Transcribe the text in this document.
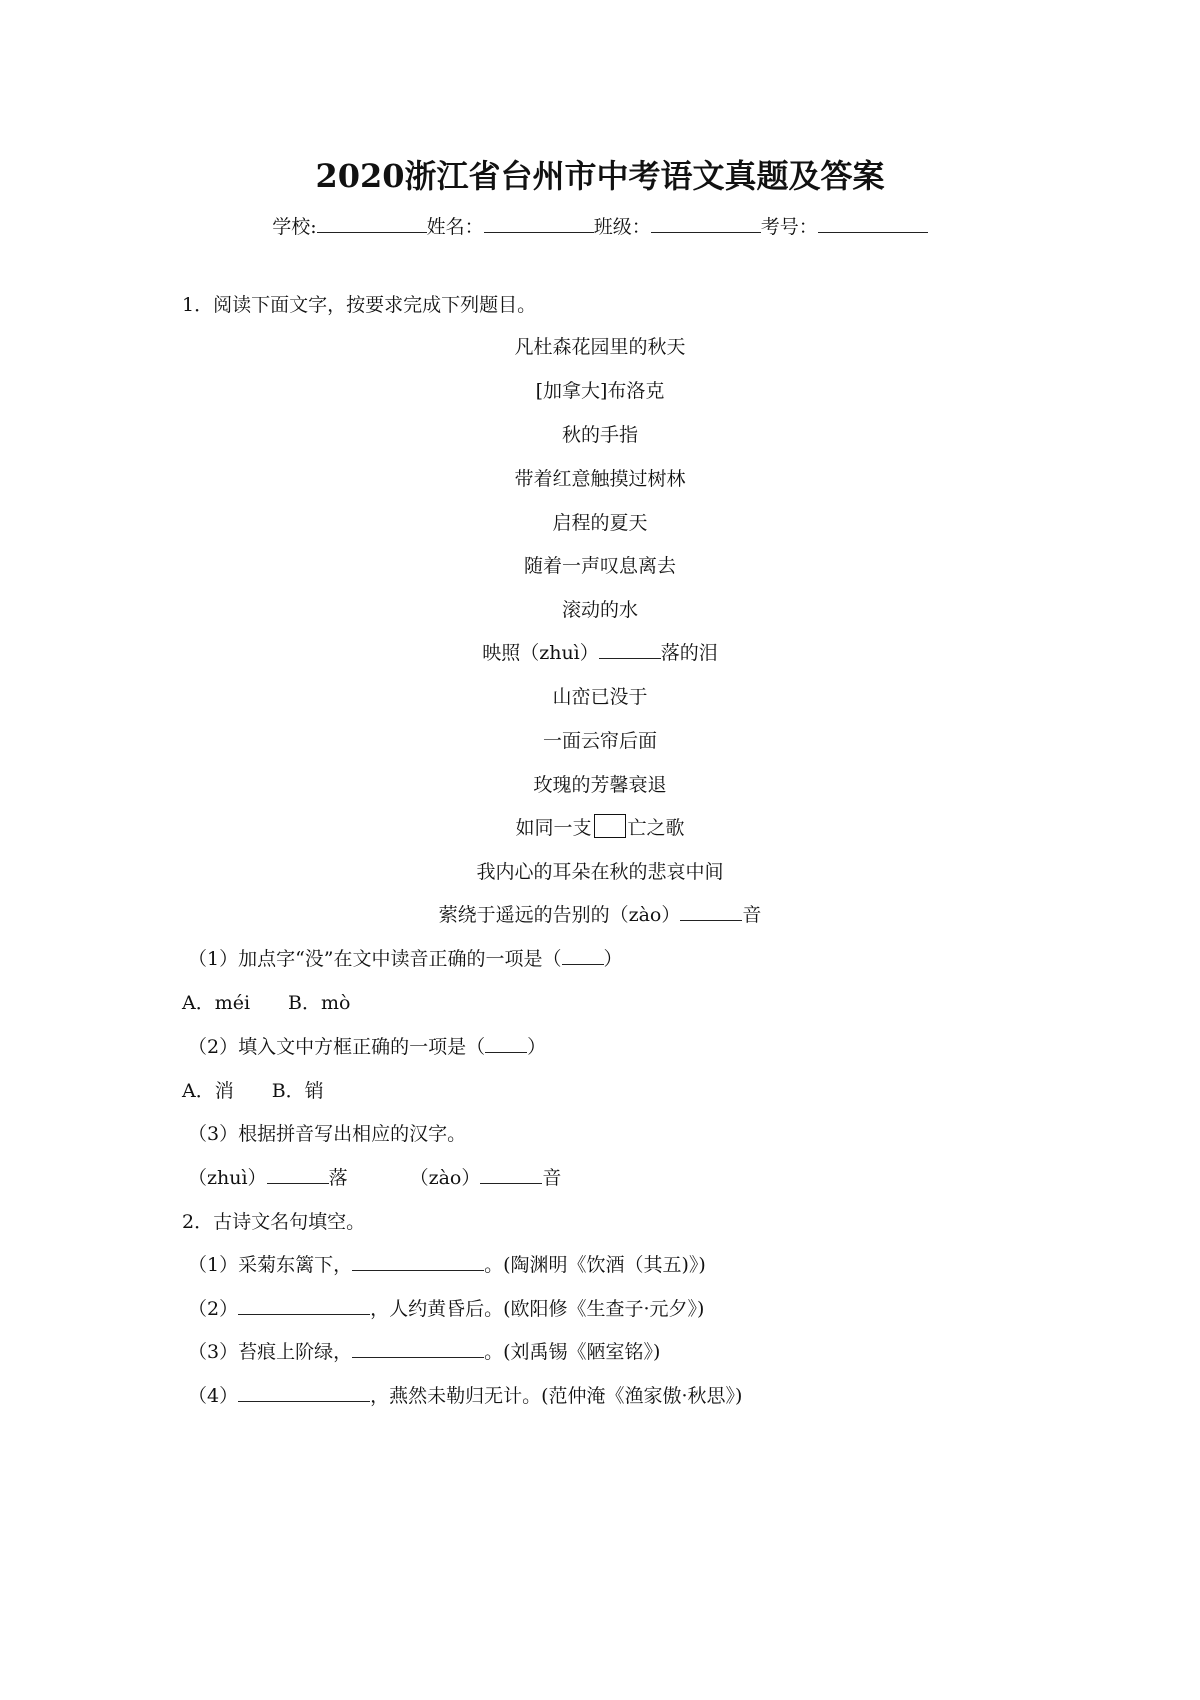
2020浙江省台州市中考语文真题及答案
学校:	姓名：	班级：	考号：
1．阅读下面文字，按要求完成下列题目。
凡杜森花园里的秋天
[加拿大]布洛克
秋的手指
带着红意触摸过树林
启程的夏天
随着一声叹息离去
滚动的水
映照（zhuì）	落的泪
山峦已没于
一面云帘后面
玫瑰的芳馨衰退
如同一支 亡之歌
我内心的耳朵在秋的悲哀中间
萦绕于遥远的告别的（zào）	音
（1）加点字“没”在文中读音正确的一项是（ ）
A．méi　　B．mò
（2）填入文中方框正确的一项是（ ）
A．消　　B．销
（3）根据拼音写出相应的汉字。
（zhuì）	落	（zào）	音
2．古诗文名句填空。
（1）采菊东篱下，	。(陶渊明《饮酒（其五)》)
（2）	，人约黄昏后。(欧阳修《生查子·元夕》)
（3）苔痕上阶绿，	。(刘禹锡《陋室铭》)
（4）	，燕然未勒归无计。(范仲淹《渔家傲·秋思》)
